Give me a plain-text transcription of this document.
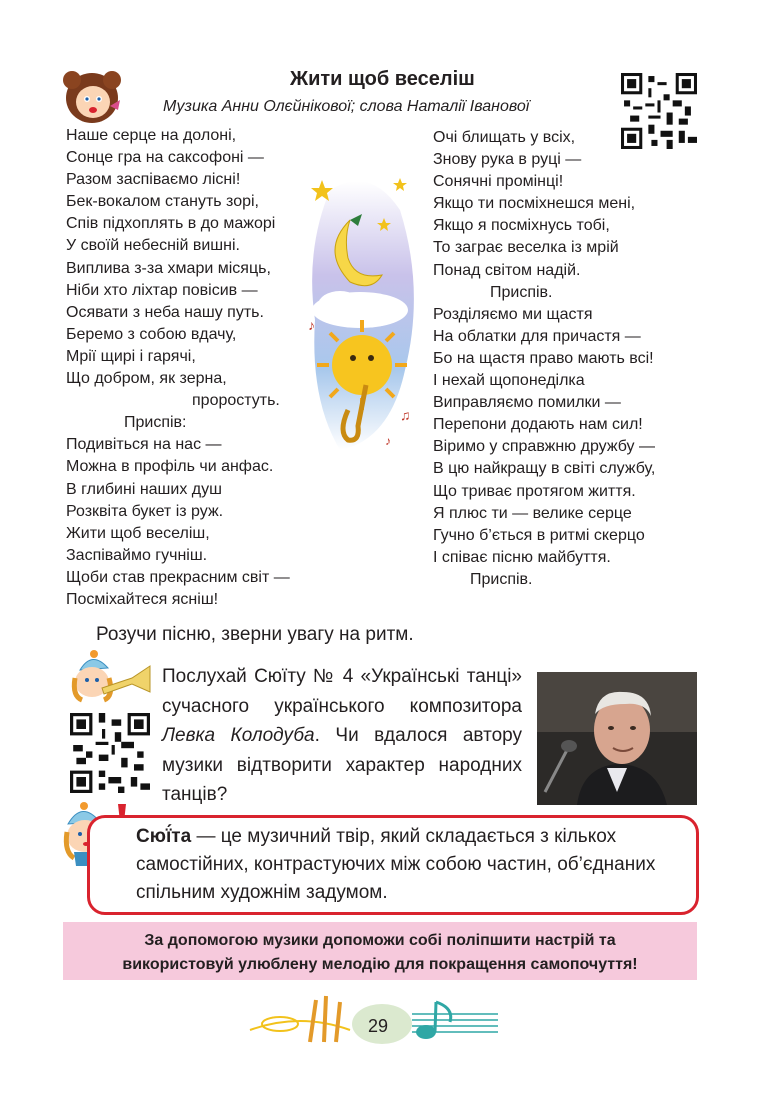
Жити щоб веселіш
Музика Анни Олєйнікової; слова Наталії Іванової
Наше серце на долоні,
Сонце гра на саксофоні —
Разом заспіваємо лісні!
Бек-вокалом стануть зорі,
Спів підхоплять в до мажорі
У своїй небесній вишні.
Виплива з-за хмари місяць,
Ніби хто ліхтар повісив —
Осявати з неба нашу путь.
Беремо з собою вдачу,
Мрії щирі і гарячі,
Що добром, як зерна,
проростуть.
Приспів:
Подивіться на нас —
Можна в профіль чи анфас.
В глибині наших душ
Розквіта букет із руж.
Жити щоб веселіш,
Заспіваймо гучніш.
Щоби став прекрасним світ —
Посміхайтеся ясніш!
♪
♫
♪
Очі блищать у всіх,
Знову рука в руці —
Сонячні промінці!
Якщо ти посміхнешся мені,
Якщо я посміхнусь тобі,
То заграє веселка із мрій
Понад світом надій.
Приспів.
Розділяємо ми щастя
На облатки для причастя —
Бо на щастя право мають всі!
І нехай щопонеділка
Виправляємо помилки —
Перепони додають нам сил!
Віримо у справжню дружбу —
В цю найкращу в світі службу,
Що триває протягом життя.
Я плюс ти — велике серце
Гучно б’ється в ритмі скерцо
І співає пісню майбуття.
Приспів.
Розучи пісню, зверни увагу на ритм.
Послухай Сюїту № 4 «Українські танці» сучасного українського композитора Левка Колодуба. Чи вдалося автору музики відтворити характер народних танців?
Сюї́та — це музичний твір, який складається з кількох самостійних, контрастуючих між собою частин, об’єднаних спільним художнім задумом.
За допомогою музики допоможи собі поліпшити настрій та
використовуй улюблену мелодію для покращення самопочуття!
29
